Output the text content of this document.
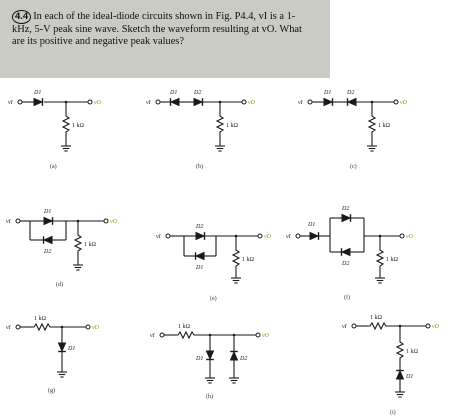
4.4 In each of the ideal-diode circuits shown in Fig. P4.4, vI is a 1-kHz, 5-V peak sine wave. Sketch the waveform resulting at vO. What are its positive and negative peak values?
vI	vO
D1
1 kΩ
(a)
vI	vO
D1	D2
1 kΩ
(b)
vI	vO
D1	D2
1 kΩ
(c)
vI	vO
D1
D2
1 kΩ
(d)
vI	vO
D2
D1
1 kΩ
(e)
vI	vO
D1
D2
D2
1 kΩ
(f)
vI
1 kΩ
vO
D1
(g)
vI
1 kΩ
vO
D1	D2
(h)
vI
1 kΩ
vO
1 kΩ
D1
(i)
